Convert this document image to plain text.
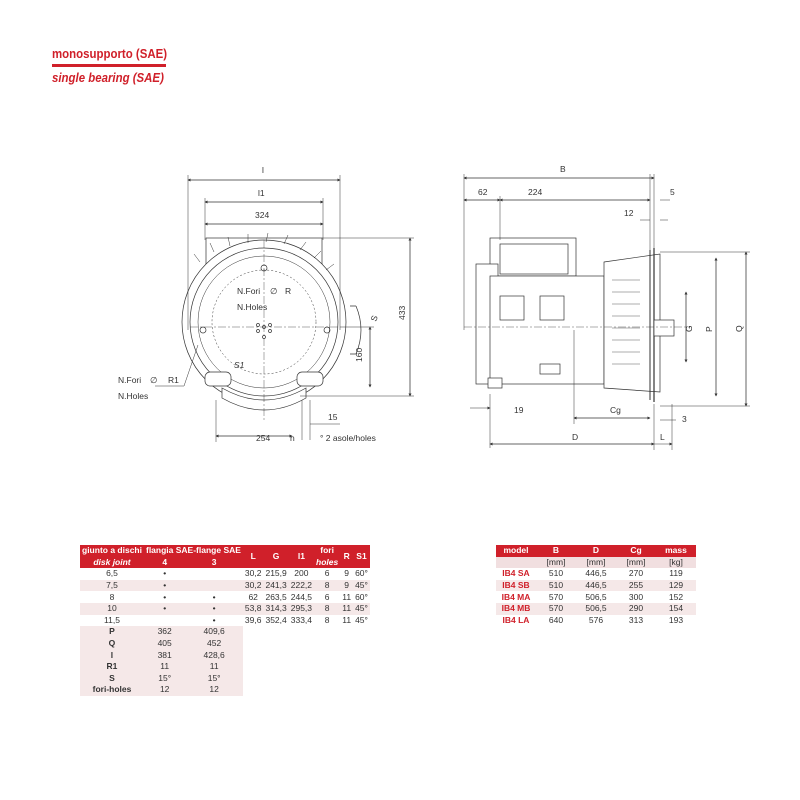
monosupporto (SAE)
single bearing (SAE)
l
l1
324
433
160
15
254 n	° 2 asole/holes
S
∅ R
S1
N.Fori
N.Holes
N.Fori
N.Holes
∅ R1
B
62	224	5
12
G P Q
19	Cg
3
D	L
giunto a dischi	flangia SAE-flange SAE		L	G	l1	fori	R	S1
disk joint	4	3				holes		
6,5	•		30,2	215,9	200	6	9	60°
7,5	•		30,2	241,3	222,2	8	9	45°
8	•	•	62	263,5	244,5	6	11	60°
10	•	•	53,8	314,3	295,3	8	11	45°
11,5		•	39,6	352,4	333,4	8	11	45°
P	362	409,6						
Q	405	452						
l	381	428,6						
R1	11	11						
S	15°	15°						
fori-holes	12	12						
model	B	D	Cg	mass
	[mm]	[mm]	[mm]	[kg]
IB4 SA	510	446,5	270	119
IB4 SB	510	446,5	255	129
IB4 MA	570	506,5	300	152
IB4 MB	570	506,5	290	154
IB4 LA	640	576	313	193
